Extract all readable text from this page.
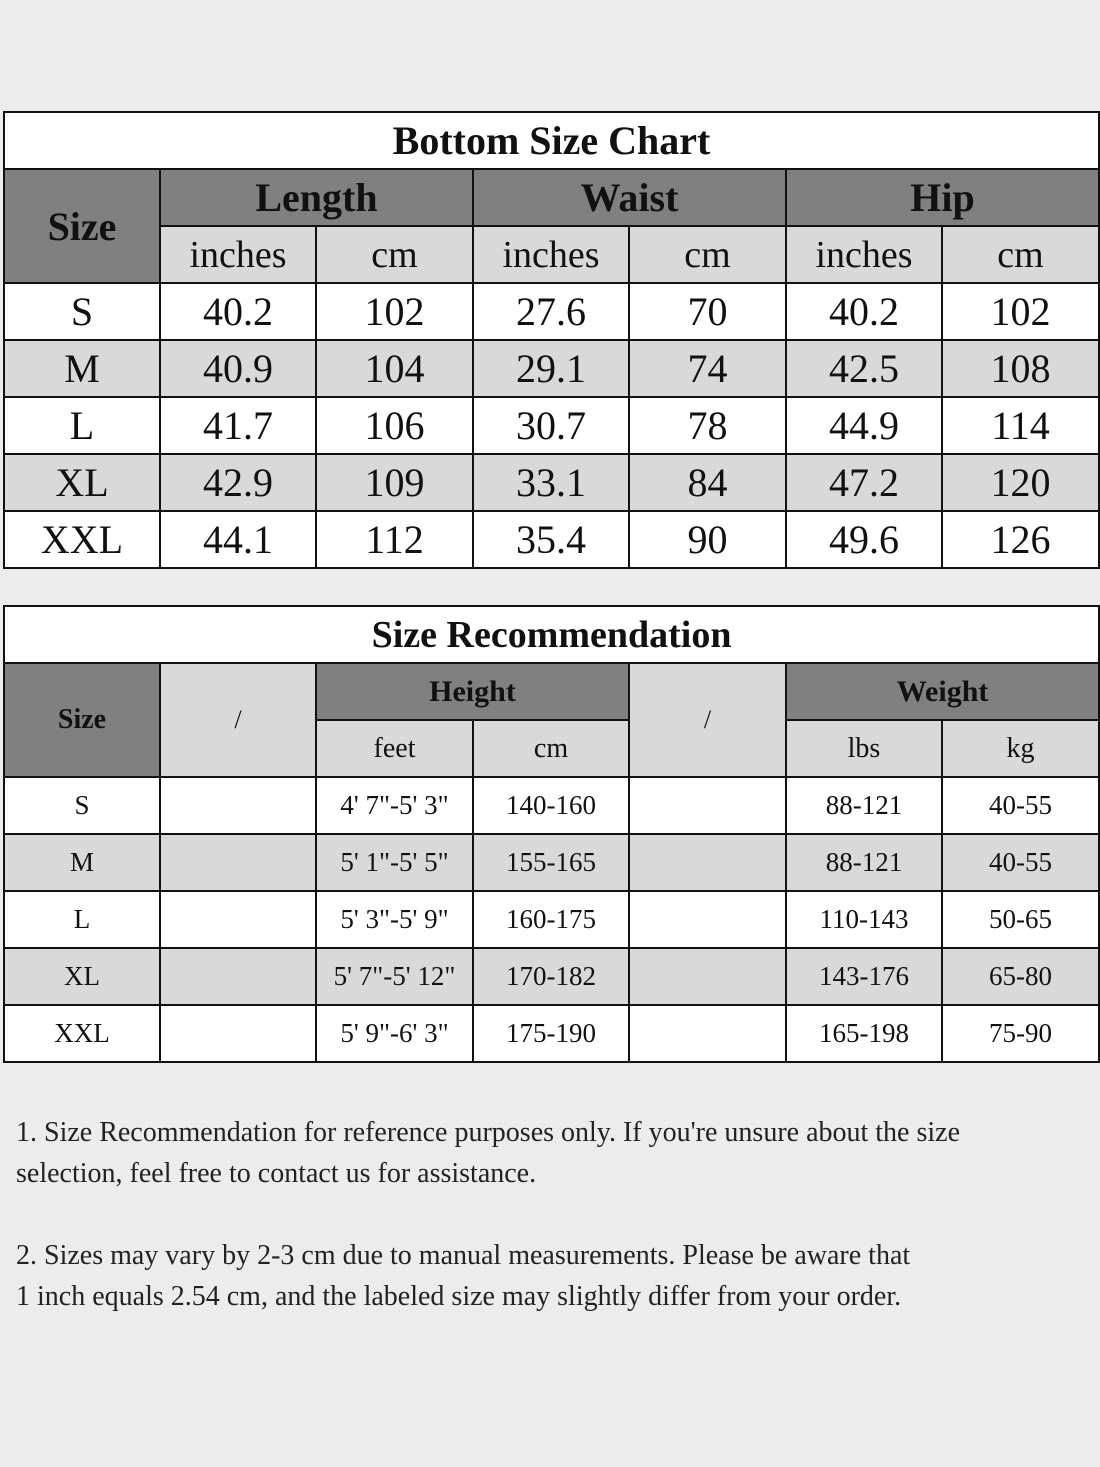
Bottom Size Chart						
Size	Length		Waist		Hip	
	inches	cm	inches	cm	inches	cm
S	40.2	102	27.6	70	40.2	102
M	40.9	104	29.1	74	42.5	108
L	41.7	106	30.7	78	44.9	114
XL	42.9	109	33.1	84	47.2	120
XXL	44.1	112	35.4	90	49.6	126
Size Recommendation						
Size	/	Height		/	Weight	
		feet	cm		lbs	kg
S		4' 7"-5' 3"	140-160		88-121	40-55
M		5' 1"-5' 5"	155-165		88-121	40-55
L		5' 3"-5' 9"	160-175		110-143	50-65
XL		5' 7"-5' 12"	170-182		143-176	65-80
XXL		5' 9"-6' 3"	175-190		165-198	75-90

1. Size Recommendation for reference purposes only. If you're unsure about the size
selection, feel free to contact us for assistance.

2. Sizes may vary by 2-3 cm due to manual measurements. Please be aware that
1 inch equals 2.54 cm, and the labeled size may slightly differ from your order.
